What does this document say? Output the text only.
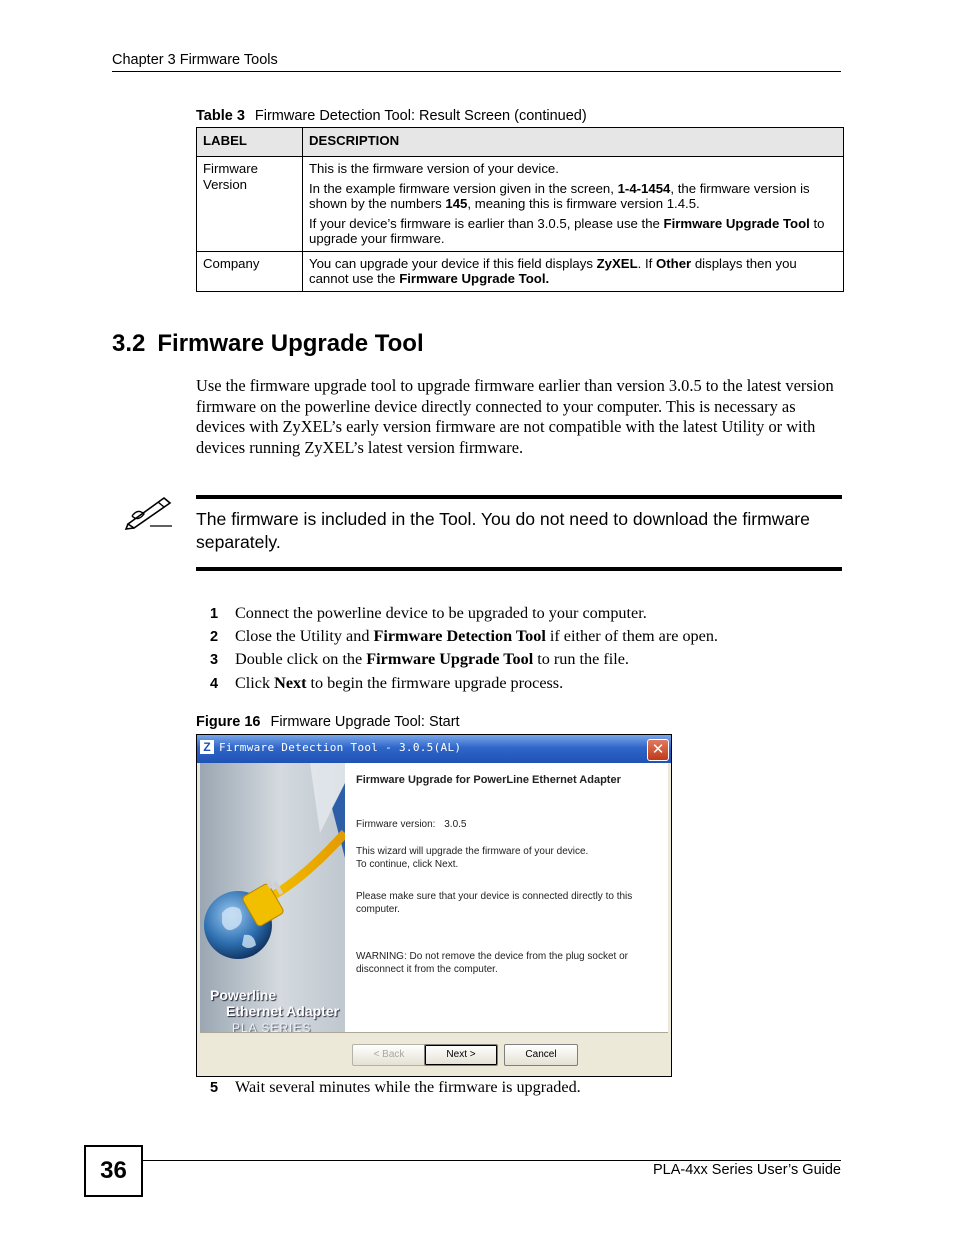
Chapter 3 Firmware Tools
Table 3 Firmware Detection Tool: Result Screen (continued)
LABEL	DESCRIPTION
Firmware Version	This is the firmware version of your device.

In the example firmware version given in the screen, 1-4-1454, the firmware version is shown by the numbers 145, meaning this is firmware version 1.4.5.

If your device’s firmware is earlier than 3.0.5, please use the Firmware Upgrade Tool to upgrade your firmware.

Company	You can upgrade your device if this field displays ZyXEL. If Other displays then you cannot use the Firmware Upgrade Tool.

3.2 Firmware Upgrade Tool
Use the firmware upgrade tool to upgrade firmware earlier than version 3.0.5 to the latest version firmware on the powerline device directly connected to your computer. This is necessary as devices with ZyXEL’s early version firmware are not compatible with the latest Utility or with devices running ZyXEL’s latest version firmware.
The firmware is included in the Tool. You do not need to download the firmware separately.
1 Connect the powerline device to be upgraded to your computer.
2 Close the Utility and Firmware Detection Tool if either of them are open.
3 Double click on the Firmware Upgrade Tool to run the file.
4 Click Next to begin the firmware upgrade process.
Figure 16 Firmware Upgrade Tool: Start
Z Firmware Detection Tool - 3.0.5(AL)	✕
Powerline
Ethernet Adapter
PLA SERIES
Firmware Upgrade for PowerLine Ethernet Adapter
Firmware version: 3.0.5
This wizard will upgrade the firmware of your device.
To continue, click Next.
Please make sure that your device is connected directly to this computer.
WARNING: Do not remove the device from the plug socket or disconnect it from the computer.
< Back	Next >	Cancel
5 Wait several minutes while the firmware is upgraded.
36	PLA-4xx Series User’s Guide
